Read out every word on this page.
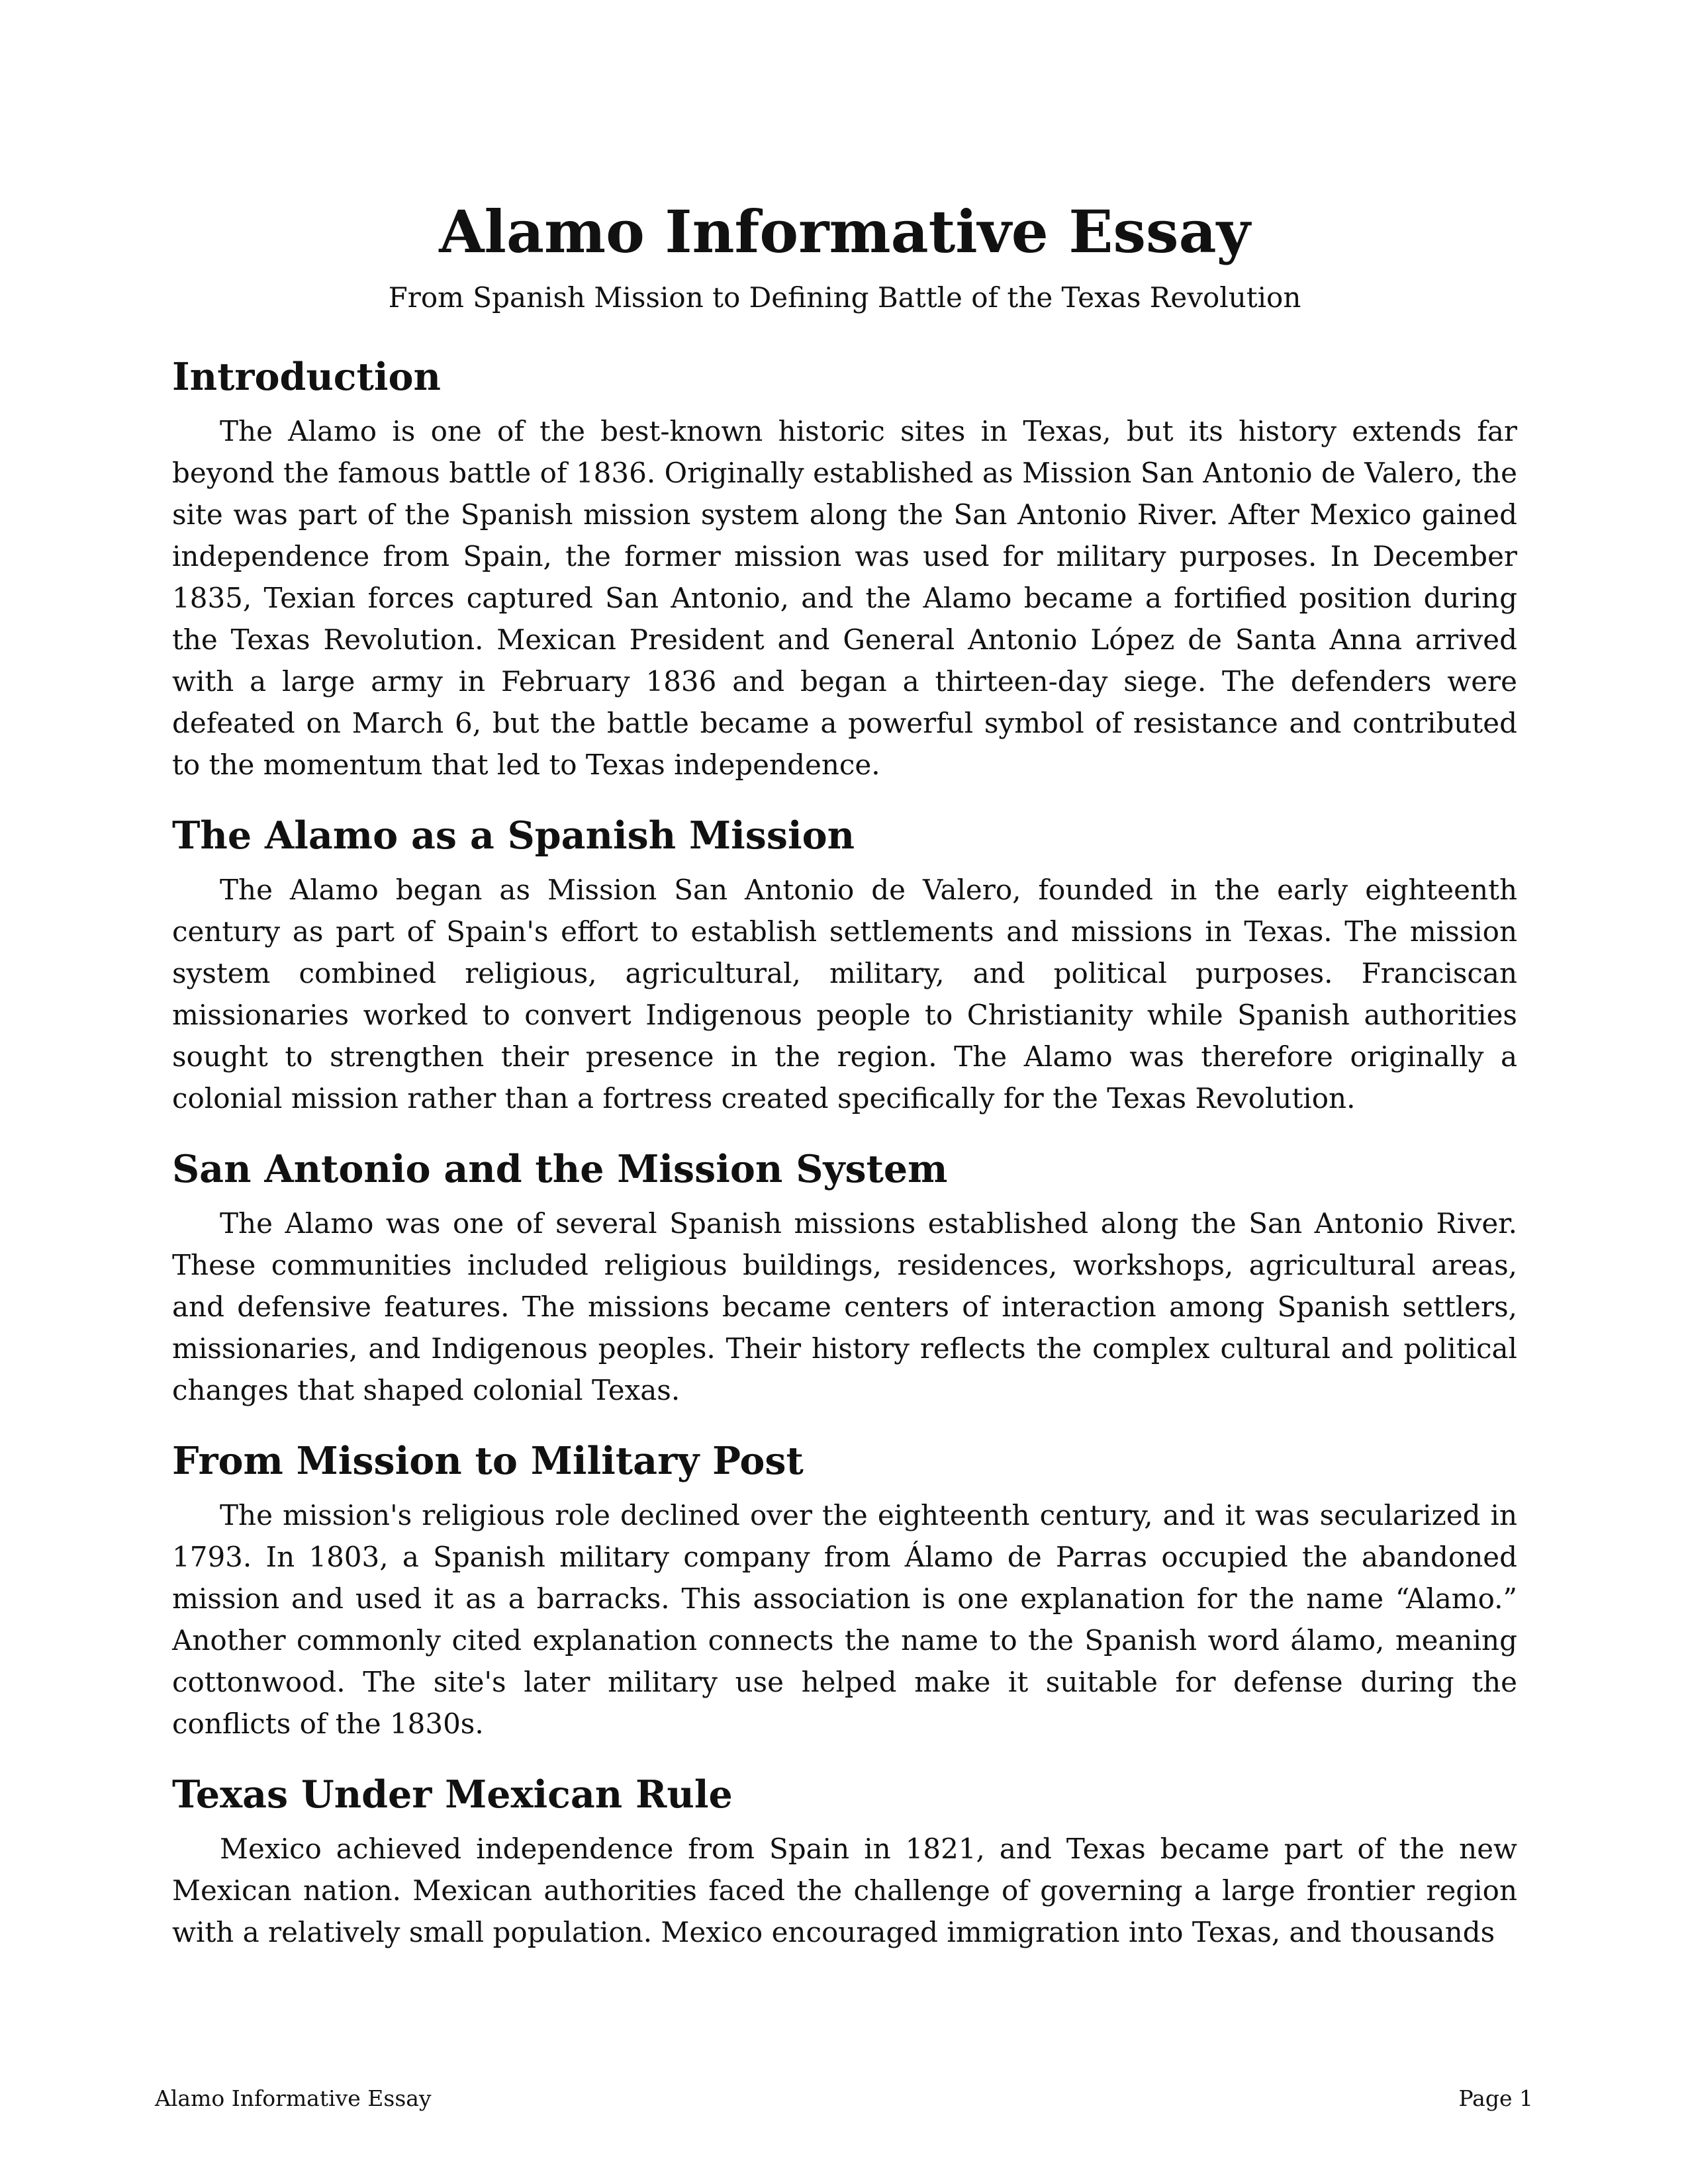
Alamo Informative Essay

From Spanish Mission to Defining Battle of the Texas Revolution

Introduction

The Alamo is one of the best-known historic sites in Texas, but its history extends far beyond the famous battle of 1836. Originally established as Mission San Antonio de Valero, the site was part of the Spanish mission system along the San Antonio River. After Mexico gained independence from Spain, the former mission was used for military purposes. In December 1835, Texian forces captured San Antonio, and the Alamo became a fortified position during the Texas Revolution. Mexican President and General Antonio López de Santa Anna arrived with a large army in February 1836 and began a thirteen-day siege. The defenders were defeated on March 6, but the battle became a powerful symbol of resistance and contributed to the momentum that led to Texas independence.

The Alamo as a Spanish Mission

The Alamo began as Mission San Antonio de Valero, founded in the early eighteenth century as part of Spain's effort to establish settlements and missions in Texas. The mission system combined religious, agricultural, military, and political purposes. Franciscan missionaries worked to convert Indigenous people to Christianity while Spanish authorities sought to strengthen their presence in the region. The Alamo was therefore originally a colonial mission rather than a fortress created specifically for the Texas Revolution.

San Antonio and the Mission System

The Alamo was one of several Spanish missions established along the San Antonio River. These communities included religious buildings, residences, workshops, agricultural areas, and defensive features. The missions became centers of interaction among Spanish settlers, missionaries, and Indigenous peoples. Their history reflects the complex cultural and political changes that shaped colonial Texas.

From Mission to Military Post

The mission's religious role declined over the eighteenth century, and it was secularized in 1793. In 1803, a Spanish military company from Álamo de Parras occupied the abandoned mission and used it as a barracks. This association is one explanation for the name “Alamo.” Another commonly cited explanation connects the name to the Spanish word álamo, meaning cottonwood. The site's later military use helped make it suitable for defense during the conflicts of the 1830s.

Texas Under Mexican Rule

Mexico achieved independence from Spain in 1821, and Texas became part of the new Mexican nation. Mexican authorities faced the challenge of governing a large frontier region with a relatively small population. Mexico encouraged immigration into Texas, and thousands

Alamo Informative Essay	Page 1
